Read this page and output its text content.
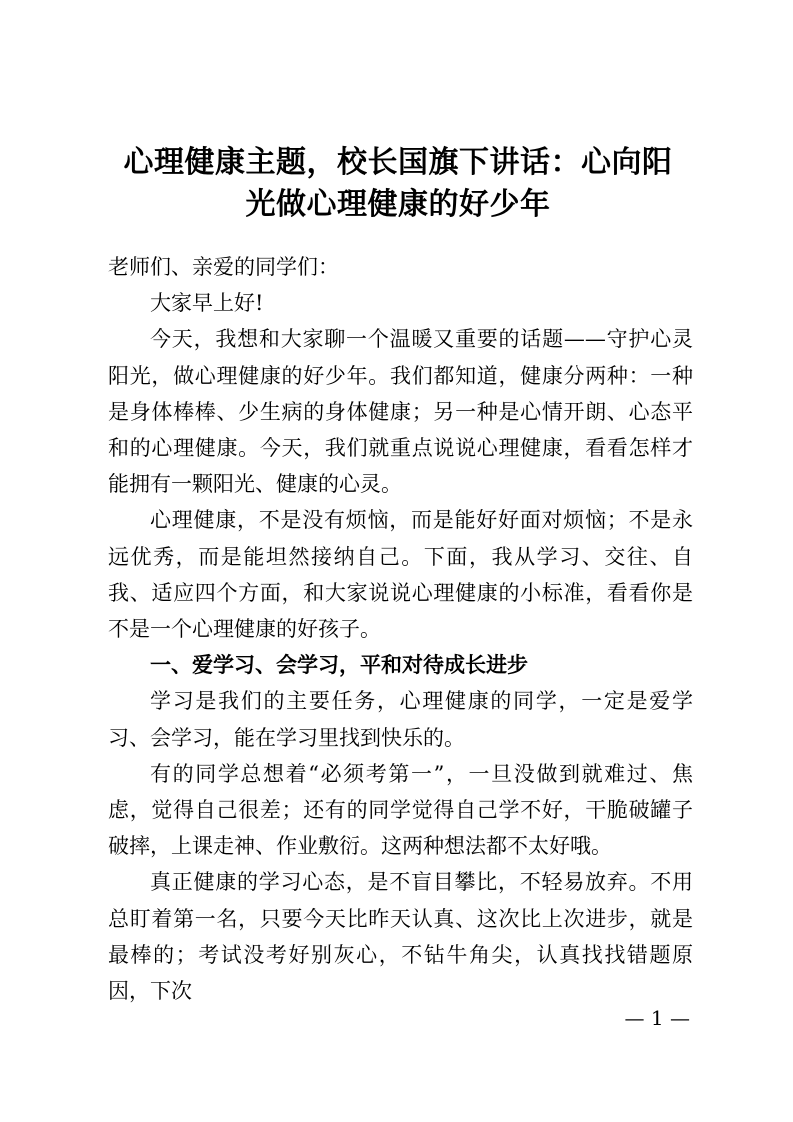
心理健康主题，校长国旗下讲话：心向阳
光做心理健康的好少年

老师们、亲爱的同学们：

大家早上好!

今天，我想和大家聊一个温暖又重要的话题——守护心灵阳光，做心理健康的好少年。我们都知道，健康分两种：一种是身体棒棒、少生病的身体健康；另一种是心情开朗、心态平和的心理健康。今天，我们就重点说说心理健康，看看怎样才能拥有一颗阳光、健康的心灵。

心理健康，不是没有烦恼，而是能好好面对烦恼；不是永远优秀，而是能坦然接纳自己。下面，我从学习、交往、自我、适应四个方面，和大家说说心理健康的小标准，看看你是不是一个心理健康的好孩子。

一、爱学习、会学习，平和对待成长进步

学习是我们的主要任务，心理健康的同学，一定是爱学习、会学习，能在学习里找到快乐的。

有的同学总想着“必须考第一”，一旦没做到就难过、焦虑，觉得自己很差；还有的同学觉得自己学不好，干脆破罐子破摔，上课走神、作业敷衍。这两种想法都不太好哦。

真正健康的学习心态，是不盲目攀比，不轻易放弃。不用总盯着第一名，只要今天比昨天认真、这次比上次进步，就是最棒的；考试没考好别灰心，不钻牛角尖，认真找找错题原因，下次

— 1 —
